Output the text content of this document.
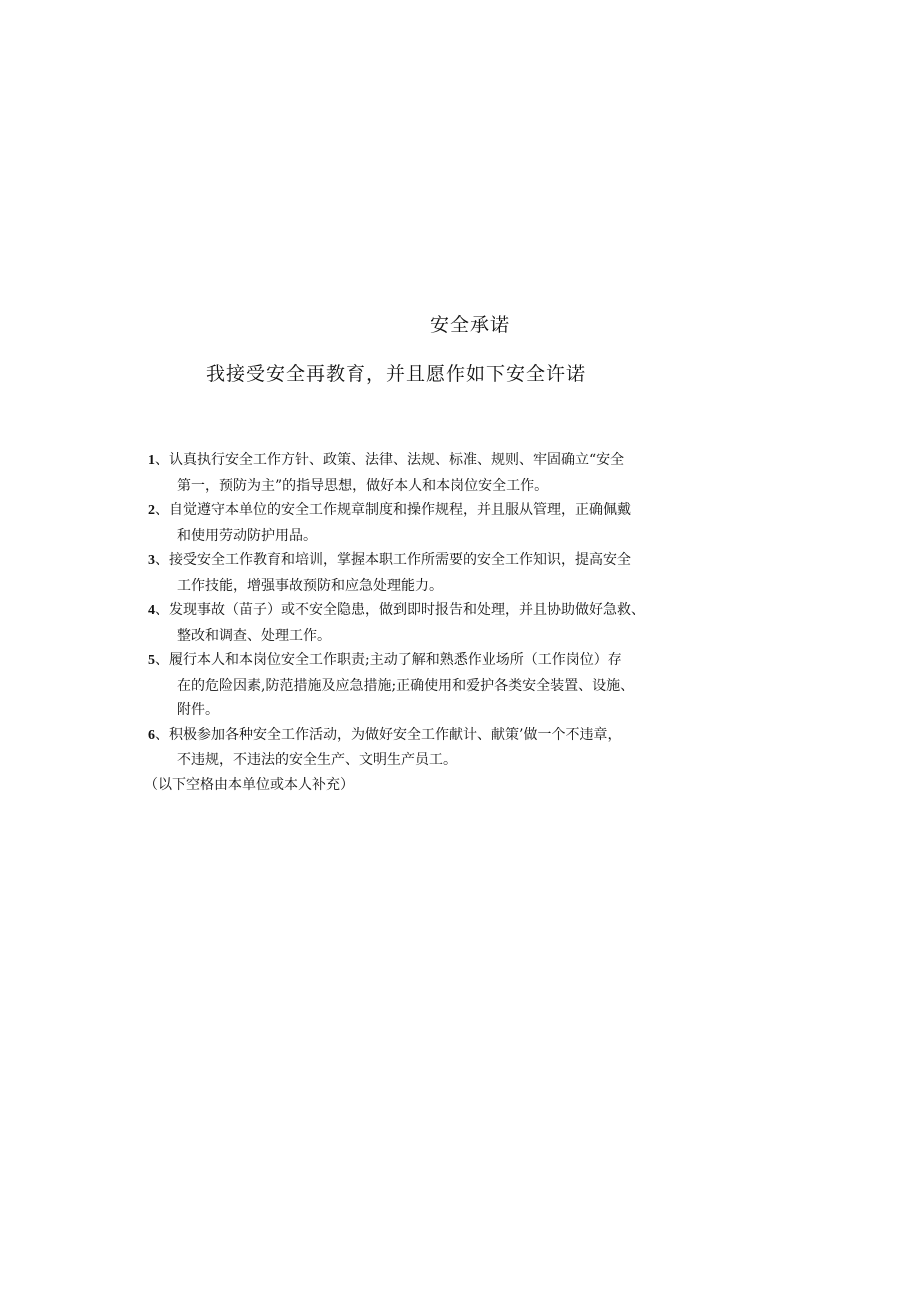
安全承诺
我接受安全再教育，并且愿作如下安全许诺
1、认真执行安全工作方针、政策、法律、法规、标准、规则、牢固确立“安全
第一，预防为主”的指导思想，做好本人和本岗位安全工作。
2、自觉遵守本单位的安全工作规章制度和操作规程，并且服从管理，正确佩戴
和使用劳动防护用品。
3、接受安全工作教育和培训，掌握本职工作所需要的安全工作知识，提高安全
工作技能，增强事故预防和应急处理能力。
4、发现事故（苗子）或不安全隐患，做到即时报告和处理，并且协助做好急救、
整改和调查、处理工作。
5、履行本人和本岗位安全工作职责;主动了解和熟悉作业场所（工作岗位）存
在的危险因素,防范措施及应急措施;正确使用和爱护各类安全装置、设施、
附件。
6、积极参加各种安全工作活动，为做好安全工作献计、献策’做一个不违章，
不违规，不违法的安全生产、文明生产员工。
（以下空格由本单位或本人补充）
